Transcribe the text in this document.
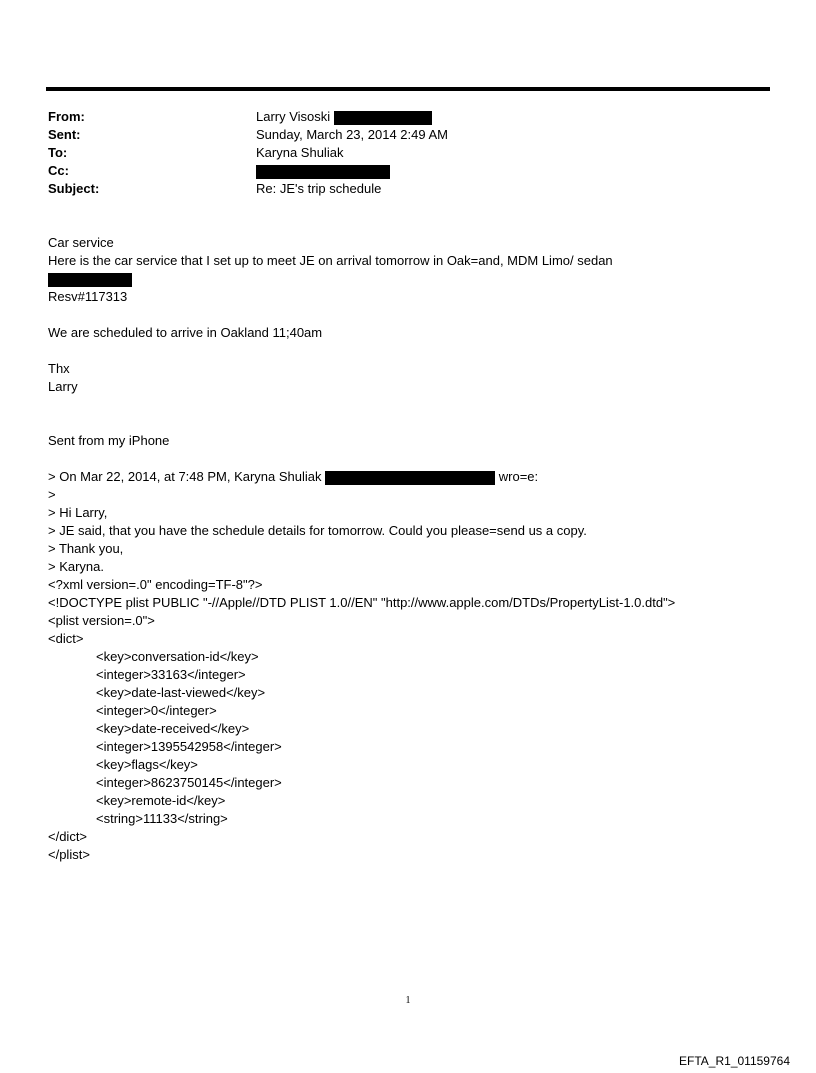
From:	Larry Visoski
Sent:	Sunday, March 23, 2014 2:49 AM
To:	Karyna Shuliak
Cc:
Subject:	Re: JE's trip schedule
Car service
Here is the car service that I set up to meet JE on arrival tomorrow in Oak=and, MDM Limo/ sedan
Resv#117313
We are scheduled to arrive in Oakland 11;40am
Thx
Larry
Sent from my iPhone
> On Mar 22, 2014, at 7:48 PM, Karyna Shuliak	wro=e:
>
> Hi Larry,
> JE said, that you have the schedule details for tomorrow. Could you please=send us a copy.
> Thank you,
> Karyna.
<?xml version=.0" encoding=TF-8"?>
<!DOCTYPE plist PUBLIC "-//Apple//DTD PLIST 1.0//EN" "http://www.apple.com/DTDs/PropertyList-1.0.dtd">
<plist version=.0">
<dict>
<key>conversation-id</key>
<integer>33163</integer>
<key>date-last-viewed</key>
<integer>0</integer>
<key>date-received</key>
<integer>1395542958</integer>
<key>flags</key>
<integer>8623750145</integer>
<key>remote-id</key>
<string>11133</string>
</dict>
</plist>
1
EFTA_R1_01159764
